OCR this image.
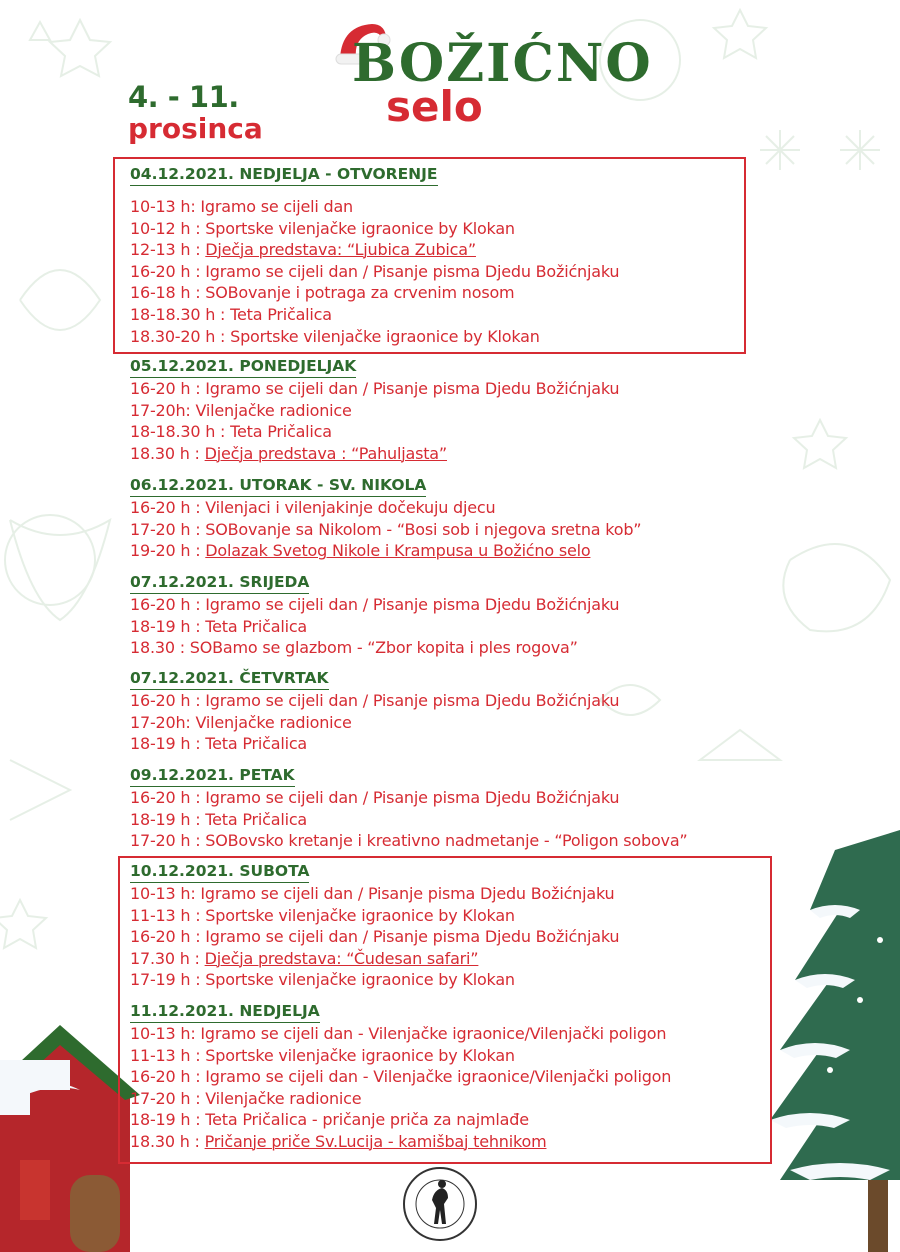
4. - 11.
prosinca
BOŽIĆNO
selo
04.12.2021. NEDJELJA - OTVORENJE
10-13 h: Igramo se cijeli dan
10-12 h : Sportske vilenjačke igraonice by Klokan
12-13 h : Dječja predstava: “Ljubica Zubica”
16-20 h : Igramo se cijeli dan / Pisanje pisma Djedu Božićnjaku
16-18 h : SOBovanje i potraga za crvenim nosom
18-18.30 h : Teta Pričalica
18.30-20 h : Sportske vilenjačke igraonice by Klokan
05.12.2021. PONEDJELJAK
16-20 h : Igramo se cijeli dan / Pisanje pisma Djedu Božićnjaku
17-20h: Vilenjačke radionice
18-18.30 h : Teta Pričalica
18.30 h : Dječja predstava : “Pahuljasta”
06.12.2021. UTORAK - SV. NIKOLA
16-20 h : Vilenjaci i vilenjakinje dočekuju djecu
17-20 h : SOBovanje sa Nikolom - “Bosi sob i njegova sretna kob”
19-20 h : Dolazak Svetog Nikole i Krampusa u Božićno selo
07.12.2021. SRIJEDA
16-20 h : Igramo se cijeli dan / Pisanje pisma Djedu Božićnjaku
18-19 h : Teta Pričalica
18.30 : SOBamo se glazbom - “Zbor kopita i ples rogova”
07.12.2021. ČETVRTAK
16-20 h : Igramo se cijeli dan / Pisanje pisma Djedu Božićnjaku
17-20h: Vilenjačke radionice
18-19 h : Teta Pričalica
09.12.2021. PETAK
16-20 h : Igramo se cijeli dan / Pisanje pisma Djedu Božićnjaku
18-19 h : Teta Pričalica
17-20 h : SOBovsko kretanje i kreativno nadmetanje - “Poligon sobova”
10.12.2021. SUBOTA
10-13 h: Igramo se cijeli dan / Pisanje pisma Djedu Božićnjaku
11-13 h : Sportske vilenjačke igraonice by Klokan
16-20 h : Igramo se cijeli dan / Pisanje pisma Djedu Božićnjaku
17.30 h : Dječja predstava: “Čudesan safari”
17-19 h : Sportske vilenjačke igraonice by Klokan
11.12.2021. NEDJELJA
10-13 h: Igramo se cijeli dan - Vilenjačke igraonice/Vilenjački poligon
11-13 h : Sportske vilenjačke igraonice by Klokan
16-20 h : Igramo se cijeli dan - Vilenjačke igraonice/Vilenjački poligon
17-20 h : Vilenjačke radionice
18-19 h : Teta Pričalica - pričanje priča za najmlađe
18.30 h : Pričanje priče Sv.Lucija - kamišbaj tehnikom
